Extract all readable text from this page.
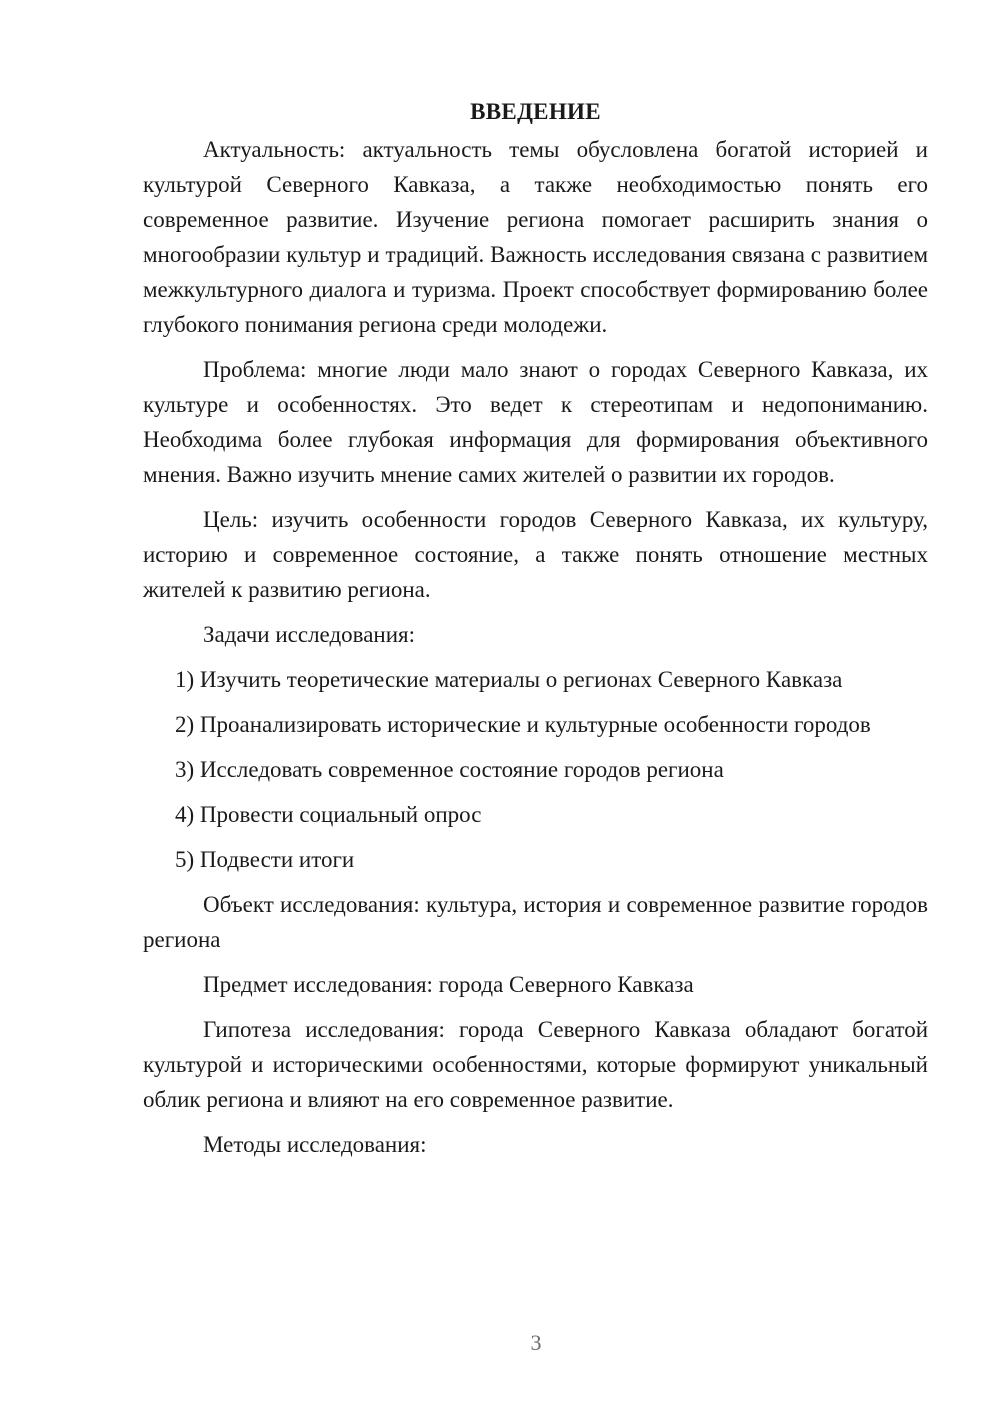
ВВЕДЕНИЕ

Актуальность: актуальность темы обусловлена богатой историей и культурой Северного Кавказа, а также необходимостью понять его современное развитие. Изучение региона помогает расширить знания о многообразии культур и традиций. Важность исследования связана с развитием межкультурного диалога и туризма. Проект способствует формированию более глубокого понимания региона среди молодежи.

Проблема: многие люди мало знают о городах Северного Кавказа, их культуре и особенностях. Это ведет к стереотипам и недопониманию. Необходима более глубокая информация для формирования объективного мнения. Важно изучить мнение самих жителей о развитии их городов.

Цель: изучить особенности городов Северного Кавказа, их культуру, историю и современное состояние, а также понять отношение местных жителей к развитию региона.

Задачи исследования:

1) Изучить теоретические материалы о регионах Северного Кавказа

2) Проанализировать исторические и культурные особенности городов

3) Исследовать современное состояние городов региона

4) Провести социальный опрос

5) Подвести итоги

Объект исследования: культура, история и современное развитие городов региона

Предмет исследования: города Северного Кавказа

Гипотеза исследования: города Северного Кавказа обладают богатой культурой и историческими особенностями, которые формируют уникальный облик региона и влияют на его современное развитие.

Методы исследования:

3
